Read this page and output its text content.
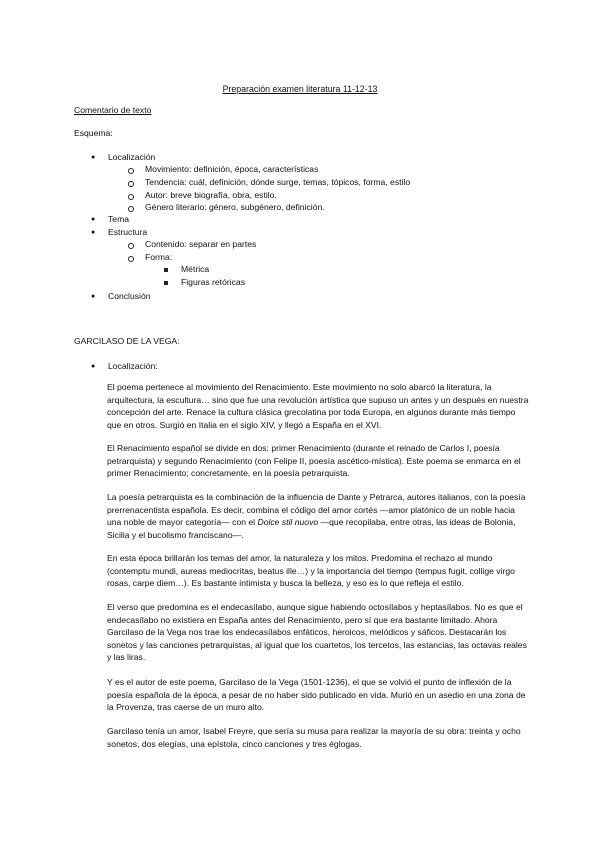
Preparación examen literatura 11-12-13
Comentario de texto
Esquema:
● Localización
Movimiento: definición, época, características
Tendencia: cuál, definición, dónde surge, temas, tópicos, forma, estilo
Autor: breve biografía, obra, estilo.
Género literario: género, subgénero, definición.
● Tema
● Estructura
Contenido: separar en partes
Forma:
Métrica
Figuras retóricas
● Conclusión
GARCILASO DE LA VEGA:
● Localización:

El poema pertenece al movimiento del Renacimiento. Este movimiento no solo abarcó la literatura, la arquitectura, la escultura… sino que fue una revolución artística que supuso un antes y un después en nuestra concepción del arte. Renace la cultura clásica grecolatina por toda Europa, en algunos durante más tiempo que en otros. Surgió en Italia en el siglo XIV, y llegó a España en el XVI.

El Renacimiento español se divide en dos: primer Renacimiento (durante el reinado de Carlos I, poesía petrarquista) y segundo Renacimiento (con Felipe II, poesía ascético-mística). Este poema se enmarca en el primer Renacimiento; concretamente, en la poesía petrarquista.

La poesía petrarquista es la combinación de la influencia de Dante y Petrarca, autores italianos, con la poesía prerrenacentista española. Es decir, combina el código del amor cortés —amor platónico de un noble hacia una noble de mayor categoría— con el Dolce stil nuovo —que recopilaba, entre otras, las ideas de Bolonia, Sicilia y el bucolismo franciscano—.

En esta época brillarán los temas del amor, la naturaleza y los mitos. Predomina el rechazo al mundo (contemptu mundi, aureas mediocritas, beatus ille…) y la importancia del tiempo (tempus fugit, collige virgo rosas, carpe diem…). Es bastante intimista y busca la belleza, y eso es lo que refleja el estilo.

El verso que predomina es el endecasílabo, aunque sigue habiendo octosílabos y heptasílabos. No es que el endecasílabo no existiera en España antes del Renacimiento, pero sí que era bastante limitado. Ahora Garcilaso de la Vega nos trae los endecasílabos enfáticos, heroicos, melódicos y sáficos. Destacarán los sonetos y las canciones petrarquistas, al igual que los cuartetos, los tercetos, las estancias, las octavas reales y las liras.

Y es el autor de este poema, Garcilaso de la Vega (1501-1236), el que se volvió el punto de inflexión de la poesía española de la época, a pesar de no haber sido publicado en vida. Murió en un asedio en una zona de la Provenza, tras caerse de un muro alto.

Garcilaso tenía un amor, Isabel Freyre, que sería su musa para realizar la mayoría de su obra: treinta y ocho sonetos, dos elegías, una epístola, cinco canciones y tres églogas.
